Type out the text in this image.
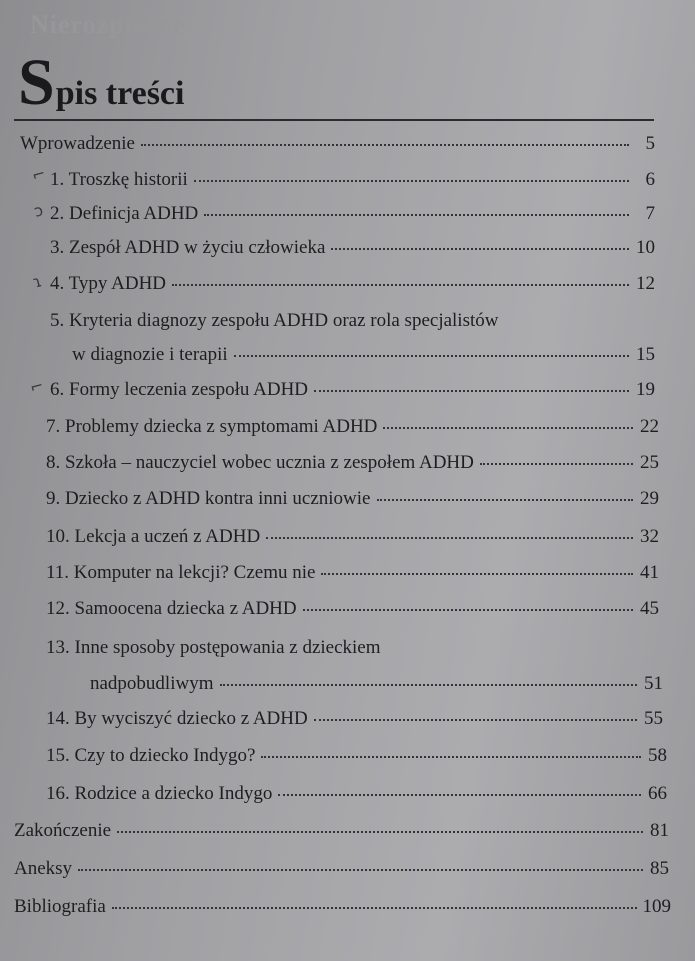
Nierozpisane
Spis treści
Wprowadzenie	5
1. Troszkę historii	6
2. Definicja ADHD	7
3. Zespół ADHD w życiu człowieka	10
4. Typy ADHD	12
5. Kryteria diagnozy zespołu ADHD oraz rola specjalistów
w diagnozie i terapii	15
6. Formy leczenia zespołu ADHD	19
7. Problemy dziecka z symptomami ADHD	22
8. Szkoła – nauczyciel wobec ucznia z zespołem ADHD	25
9. Dziecko z ADHD kontra inni uczniowie	29
10. Lekcja a uczeń z ADHD	32
11. Komputer na lekcji? Czemu nie	41
12. Samoocena dziecka z ADHD	45
13. Inne sposoby postępowania z dzieckiem
nadpobudliwym	51
14. By wyciszyć dziecko z ADHD	55
15. Czy to dziecko Indygo?	58
16. Rodzice a dziecko Indygo	66
Zakończenie	81
Aneksy	85
Bibliografia	109
⌐
ↄ
ɿ
⌐
